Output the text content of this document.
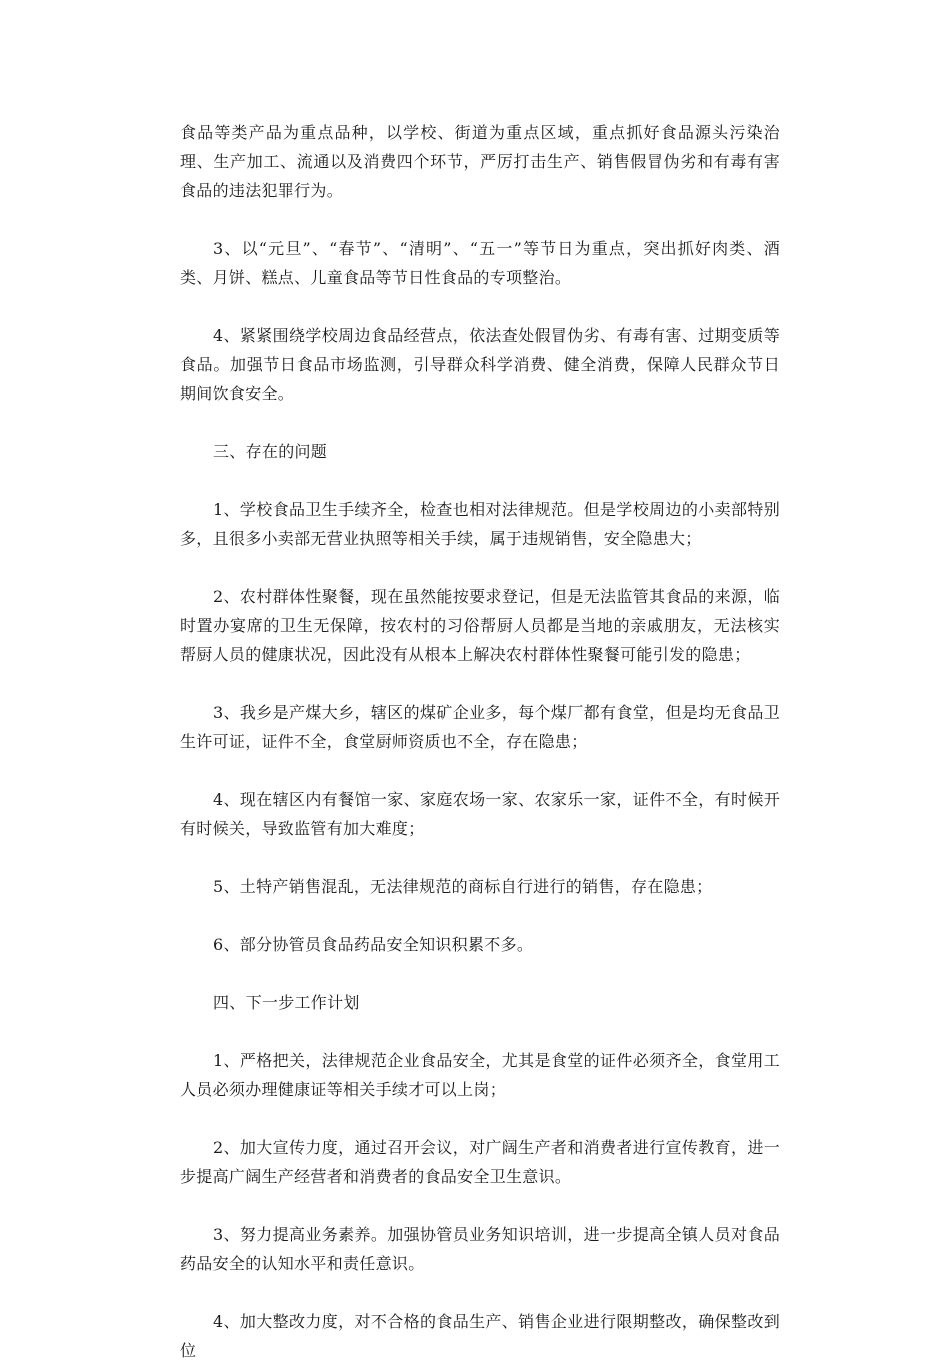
食品等类产品为重点品种，以学校、街道为重点区域，重点抓好食品源头污染治理、生产加工、流通以及消费四个环节，严厉打击生产、销售假冒伪劣和有毒有害食品的违法犯罪行为。

3、以“元旦”、“春节”、“清明”、“五一”等节日为重点，突出抓好肉类、酒类、月饼、糕点、儿童食品等节日性食品的专项整治。

4、紧紧围绕学校周边食品经营点，依法查处假冒伪劣、有毒有害、过期变质等食品。加强节日食品市场监测，引导群众科学消费、健全消费，保障人民群众节日期间饮食安全。

三、存在的问题

1、学校食品卫生手续齐全，检查也相对法律规范。但是学校周边的小卖部特别多，且很多小卖部无营业执照等相关手续，属于违规销售，安全隐患大；

2、农村群体性聚餐，现在虽然能按要求登记，但是无法监管其食品的来源，临时置办宴席的卫生无保障，按农村的习俗帮厨人员都是当地的亲戚朋友，无法核实帮厨人员的健康状况，因此没有从根本上解决农村群体性聚餐可能引发的隐患；

3、我乡是产煤大乡，辖区的煤矿企业多，每个煤厂都有食堂，但是均无食品卫生许可证，证件不全，食堂厨师资质也不全，存在隐患；

4、现在辖区内有餐馆一家、家庭农场一家、农家乐一家，证件不全，有时候开有时候关，导致监管有加大难度；

5、土特产销售混乱，无法律规范的商标自行进行的销售，存在隐患；

6、部分协管员食品药品安全知识积累不多。

四、下一步工作计划

1、严格把关，法律规范企业食品安全，尤其是食堂的证件必须齐全，食堂用工人员必须办理健康证等相关手续才可以上岗；

2、加大宣传力度，通过召开会议，对广阔生产者和消费者进行宣传教育，进一步提高广阔生产经营者和消费者的食品安全卫生意识。

3、努力提高业务素养。加强协管员业务知识培训，进一步提高全镇人员对食品药品安全的认知水平和责任意识。

4、加大整改力度，对不合格的食品生产、销售企业进行限期整改，确保整改到位
